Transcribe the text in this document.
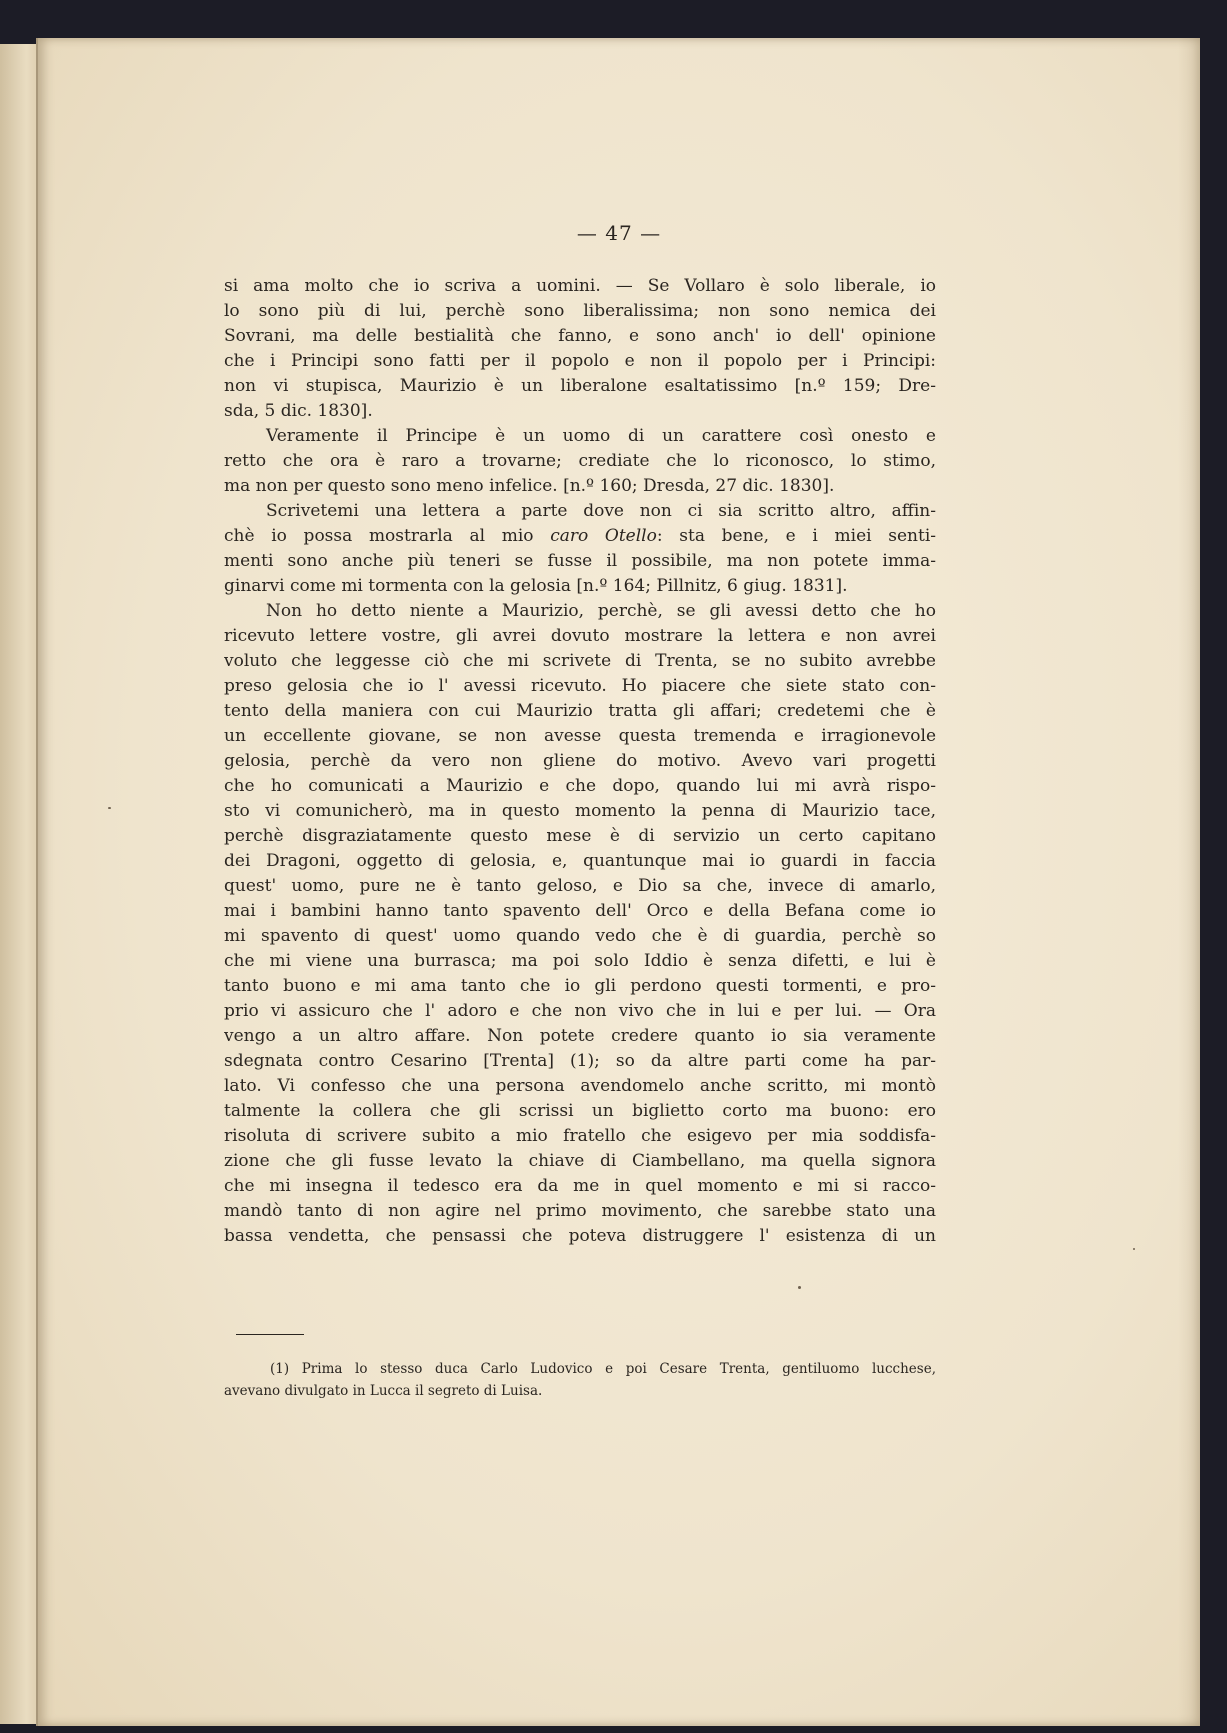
— 47 —
si ama molto che io scriva a uomini. — Se Vollaro è solo liberale, io
lo sono più di lui, perchè sono liberalissima; non sono nemica dei
Sovrani, ma delle bestialità che fanno, e sono anch' io dell' opinione
che i Principi sono fatti per il popolo e non il popolo per i Principi:
non vi stupisca, Maurizio è un liberalone esaltatissimo [n.º 159; Dre-
sda, 5 dic. 1830].
Veramente il Principe è un uomo di un carattere così onesto e
retto che ora è raro a trovarne; crediate che lo riconosco, lo stimo,
ma non per questo sono meno infelice. [n.º 160; Dresda, 27 dic. 1830].
Scrivetemi una lettera a parte dove non ci sia scritto altro, affin-
chè io possa mostrarla al mio caro Otello: sta bene, e i miei senti-
menti sono anche più teneri se fusse il possibile, ma non potete imma-
ginarvi come mi tormenta con la gelosia [n.º 164; Pillnitz, 6 giug. 1831].
Non ho detto niente a Maurizio, perchè, se gli avessi detto che ho
ricevuto lettere vostre, gli avrei dovuto mostrare la lettera e non avrei
voluto che leggesse ciò che mi scrivete di Trenta, se no subito avrebbe
preso gelosia che io l' avessi ricevuto. Ho piacere che siete stato con-
tento della maniera con cui Maurizio tratta gli affari; credetemi che è
un eccellente giovane, se non avesse questa tremenda e irragionevole
gelosia, perchè da vero non gliene do motivo. Avevo vari progetti
che ho comunicati a Maurizio e che dopo, quando lui mi avrà rispo-
sto vi comunicherò, ma in questo momento la penna di Maurizio tace,
perchè disgraziatamente questo mese è di servizio un certo capitano
dei Dragoni, oggetto di gelosia, e, quantunque mai io guardi in faccia
quest' uomo, pure ne è tanto geloso, e Dio sa che, invece di amarlo,
mai i bambini hanno tanto spavento dell' Orco e della Befana come io
mi spavento di quest' uomo quando vedo che è di guardia, perchè so
che mi viene una burrasca; ma poi solo Iddio è senza difetti, e lui è
tanto buono e mi ama tanto che io gli perdono questi tormenti, e pro-
prio vi assicuro che l' adoro e che non vivo che in lui e per lui. — Ora
vengo a un altro affare. Non potete credere quanto io sia veramente
sdegnata contro Cesarino [Trenta] (1); so da altre parti come ha par-
lato. Vi confesso che una persona avendomelo anche scritto, mi montò
talmente la collera che gli scrissi un biglietto corto ma buono: ero
risoluta di scrivere subito a mio fratello che esigevo per mia soddisfa-
zione che gli fusse levato la chiave di Ciambellano, ma quella signora
che mi insegna il tedesco era da me in quel momento e mi si racco-
mandò tanto di non agire nel primo movimento, che sarebbe stato una
bassa vendetta, che pensassi che poteva distruggere l' esistenza di un
(1) Prima lo stesso duca Carlo Ludovico e poi Cesare Trenta, gentiluomo lucchese,
avevano divulgato in Lucca il segreto di Luisa.
